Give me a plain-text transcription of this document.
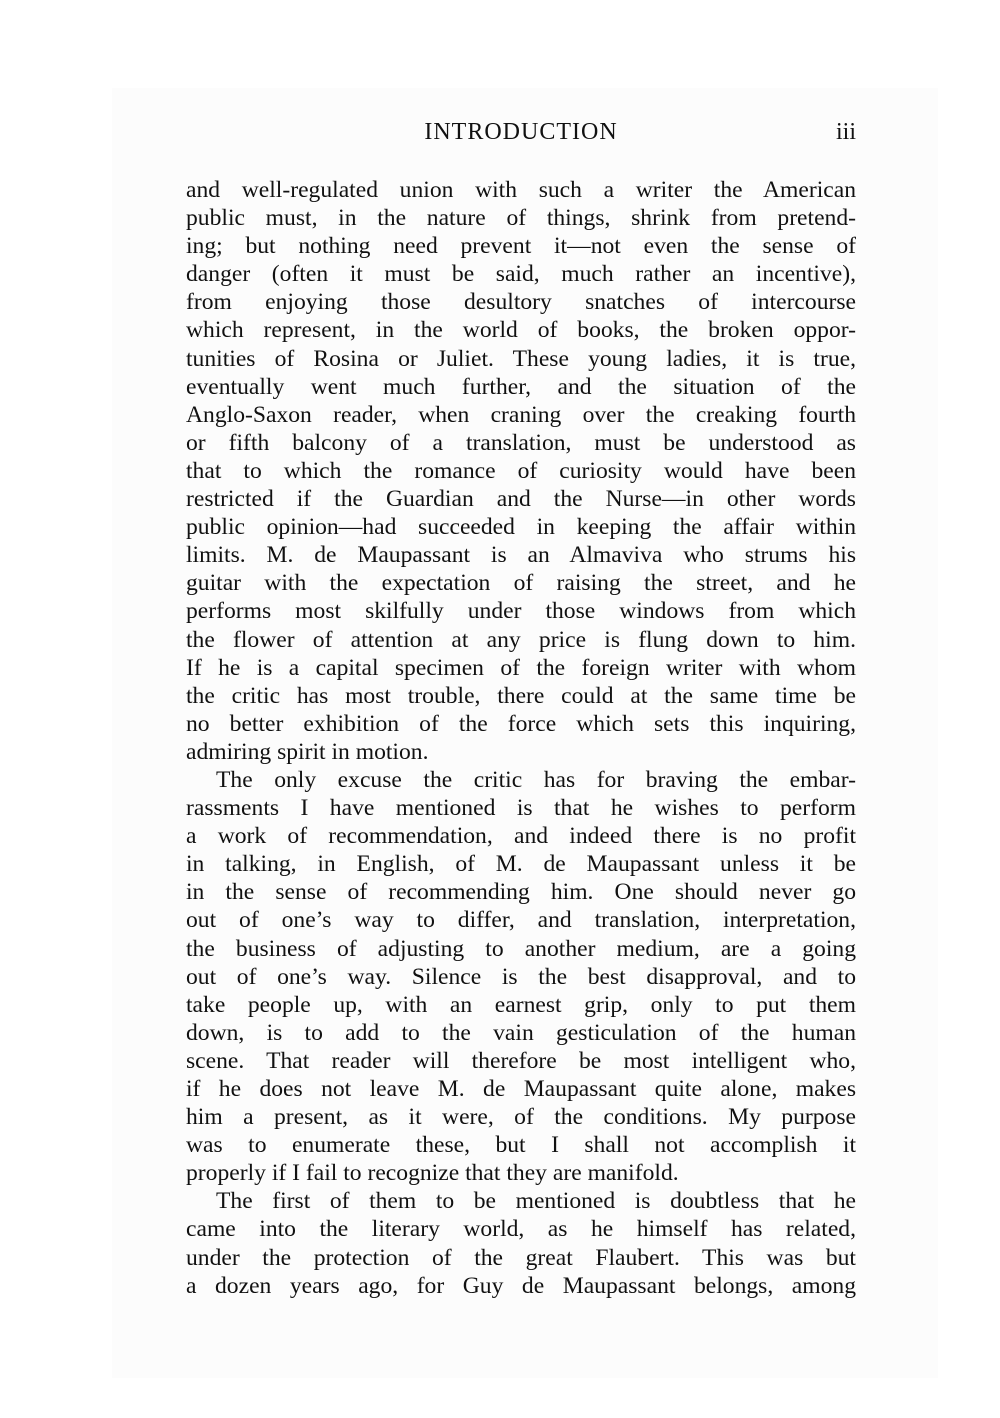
INTRODUCTION	iii
and well-regulated union with such a writer the American
public must, in the nature of things, shrink from pretend-
ing; but nothing need prevent it—not even the sense of
danger (often it must be said, much rather an incentive),
from enjoying those desultory snatches of intercourse
which represent, in the world of books, the broken oppor-
tunities of Rosina or Juliet. These young ladies, it is true,
eventually went much further, and the situation of the
Anglo-Saxon reader, when craning over the creaking fourth
or fifth balcony of a translation, must be understood as
that to which the romance of curiosity would have been
restricted if the Guardian and the Nurse—in other words
public opinion—had succeeded in keeping the affair within
limits. M. de Maupassant is an Almaviva who strums his
guitar with the expectation of raising the street, and he
performs most skilfully under those windows from which
the flower of attention at any price is flung down to him.
If he is a capital specimen of the foreign writer with whom
the critic has most trouble, there could at the same time be
no better exhibition of the force which sets this inquiring,
admiring spirit in motion.
The only excuse the critic has for braving the embar-
rassments I have mentioned is that he wishes to perform
a work of recommendation, and indeed there is no profit
in talking, in English, of M. de Maupassant unless it be
in the sense of recommending him. One should never go
out of one’s way to differ, and translation, interpretation,
the business of adjusting to another medium, are a going
out of one’s way. Silence is the best disapproval, and to
take people up, with an earnest grip, only to put them
down, is to add to the vain gesticulation of the human
scene. That reader will therefore be most intelligent who,
if he does not leave M. de Maupassant quite alone, makes
him a present, as it were, of the conditions. My purpose
was to enumerate these, but I shall not accomplish it
properly if I fail to recognize that they are manifold.
The first of them to be mentioned is doubtless that he
came into the literary world, as he himself has related,
under the protection of the great Flaubert. This was but
a dozen years ago, for Guy de Maupassant belongs, among
